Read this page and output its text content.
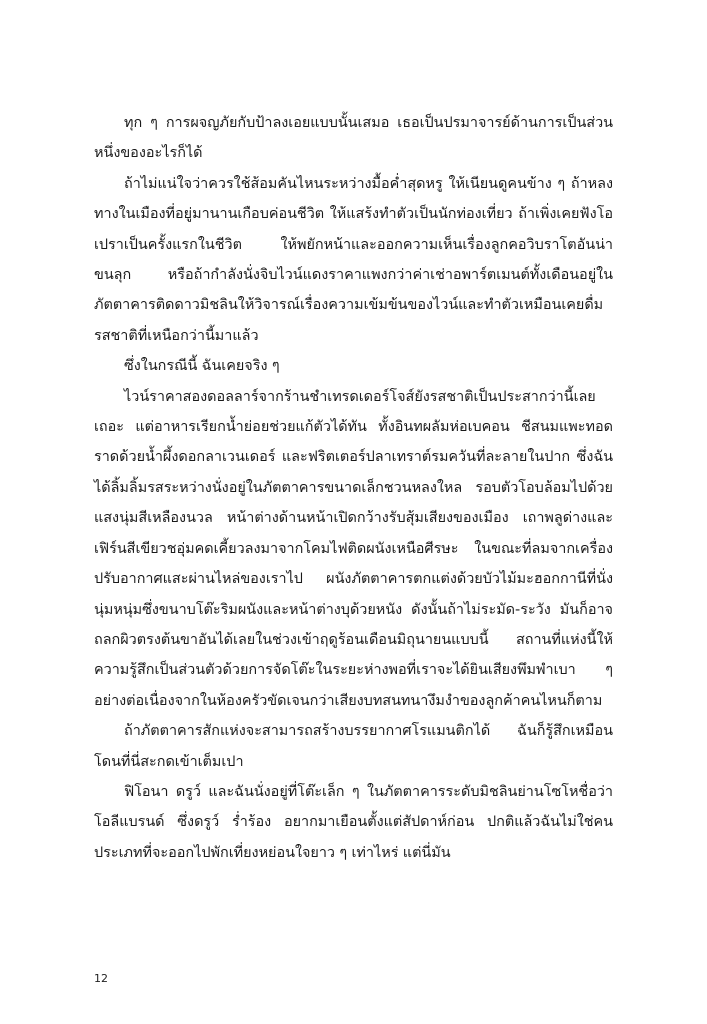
ทุก ๆ การผจญภัยกับป้าลงเอยแบบนั้นเสมอ เธอเป็นปรมาจารย์ด้านการเป็นส่วนหนึ่งของอะไรก็ได้

ถ้าไม่แน่ใจว่าควรใช้ส้อมคันไหนระหว่างมื้อค่ำสุดหรู ให้เนียนดูคนข้าง ๆ ถ้าหลงทางในเมืองที่อยู่มานานเกือบค่อนชีวิต ให้แสร้งทำตัวเป็นนักท่องเที่ยว ถ้าเพิ่งเคยฟังโอเปราเป็นครั้งแรกในชีวิต ให้พยักหน้าและออกความเห็นเรื่องลูกคอวิบราโตอันน่าขนลุก หรือถ้ากำลังนั่งจิบไวน์แดงราคาแพงกว่าค่าเช่าอพาร์ตเมนต์ทั้งเดือนอยู่ในภัตตาคารติดดาวมิชลินให้วิจารณ์เรื่องความเข้มข้นของไวน์และทำตัวเหมือนเคยดื่มรสชาติที่เหนือกว่านี้มาแล้ว

ซึ่งในกรณีนี้ ฉันเคยจริง ๆ

ไวน์ราคาสองดอลลาร์จากร้านชำเทรดเดอร์โจส์ยังรสชาติเป็นประสากว่านี้เลยเถอะ แต่อาหารเรียกน้ำย่อยช่วยแก้ตัวได้ทัน ทั้งอินทผลัมห่อเบคอน ชีสนมแพะทอดราดด้วยน้ำผึ้งดอกลาเวนเดอร์ และฟริตเตอร์ปลาเทราต์รมควันที่ละลายในปาก ซึ่งฉันได้ลิ้มลิ้มรสระหว่างนั่งอยู่ในภัตตาคารขนาดเล็กชวนหลงใหล รอบตัวโอบล้อมไปด้วยแสงนุ่มสีเหลืองนวล หน้าต่างด้านหน้าเปิดกว้างรับสุ้มเสียงของเมือง เถาพลูด่างและเฟิร์นสีเขียวชอุ่มคดเคี้ยวลงมาจากโคมไฟติดผนังเหนือศีรษะ ในขณะที่ลมจากเครื่องปรับอากาศแสะผ่านไหล่ของเราไป ผนังภัตตาคารตกแต่งด้วยบัวไม้มะฮอกกานีที่นั่งนุ่มหนุ่มซึ่งขนาบโต๊ะริมผนังและหน้าต่างบุด้วยหนัง ดังนั้นถ้าไม่ระมัด-ระวัง มันก็อาจถลกผิวตรงต้นขาอันได้เลยในช่วงเข้าฤดูร้อนเดือนมิถุนายนแบบนี้ สถานที่แห่งนี้ให้ความรู้สึกเป็นส่วนตัวด้วยการจัดโต๊ะในระยะห่างพอที่เราจะได้ยินเสียงพึมพำเบา ๆ อย่างต่อเนื่องจากในห้องครัวขัดเจนกว่าเสียงบทสนทนางึมงำของลูกค้าคนไหนก็ตาม

ถ้าภัตตาคารสักแห่งจะสามารถสร้างบรรยากาศโรแมนติกได้ ฉันก็รู้สึกเหมือนโดนที่นี่สะกดเข้าเต็มเปา

ฟิโอนา ดรูว์ และฉันนั่งอยู่ที่โต๊ะเล็ก ๆ ในภัตตาคารระดับมิชลินย่านโซโหชื่อว่าโอลีแบรนด์ ซึ่งดรูว์ ร่ำร้อง อยากมาเยือนตั้งแต่สัปดาห์ก่อน ปกติแล้วฉันไม่ใช่คนประเภทที่จะออกไปพักเที่ยงหย่อนใจยาว ๆ เท่าไหร่ แต่นี่มัน

12
